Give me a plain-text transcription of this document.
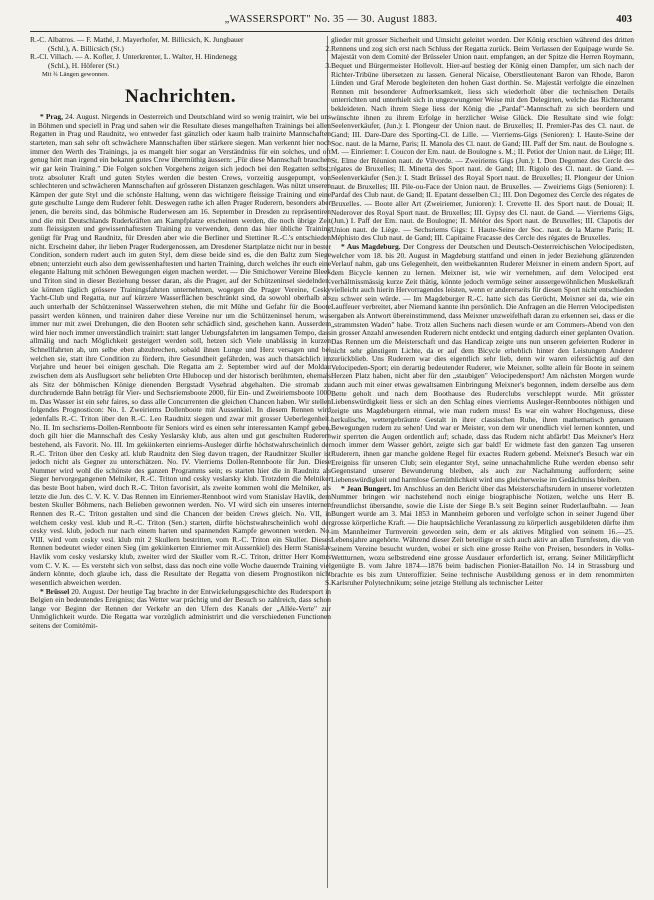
„WASSERSPORT" No. 35 — 30. August 1883.	403
R.-C. Albatros. — F. Mathé, J. Mayerhofer, M. Billicsich, K. Jungbauer
(Schl.), A. Billicsich (St.)	2.
R.-Cl. Villach. — A. Kofler, J. Unterkrenter, L. Walter, H. Hindenegg
(Schl.), H. Höferer (St.)	3.
Mit ¾ Längen gewonnen.
Nachrichten.

* Prag, 24. August. Nirgends in Oesterreich und Deutschland wird so wenig trainirt, wie bei uns in Böhmen und speciell in Prag und sahen wir die Resultate dieses mangelhaften Trainings bei allen Regatten in Prag und Raudnitz, wo entweder fast gänzlich oder kaum halb trainirte Mannschaften starteten, man sah sehr oft schwächere Mannschaften über stärkere siegen. Man verkennt hier noch immer den Werth des Trainings, ja es mangelt hier sogar an Verständniss für ein solches, und oft genug hört man irgend ein bekannt gutes Crew übermüthig äussern: „Für diese Mannschaft brauchen wir gar kein Training." Die Folgen solchen Vorgehens zeigen sich jedoch bei den Regatten selbst; trotz absoluter Kraft und guten Styles werden die besten Crews, vorzeitig ausgepumpt, von schlechteren und schwächeren Mannschaften auf grösseren Distanzen geschlagen. Was nützt unseren Kämpen der gute Styl und die schönste Haltung, wenn das wichtigere fleissige Training und eine gute geschulte Lunge dem Ruderer fehlt. Deswegen rathe ich allen Prager Ruderern, besonders aber jenen, die bereits sind, das böhmische Ruderwesen am 16. September in Dresden zu repräsentiren und die mit Deutschlands Ruderkräften am Kampfplatze erscheinen werden, die noch übrige Zeit zum fleissigsten und gewissenhaftesten Training zu verwenden, denn das hier übliche Training genügt für Prag und Raudnitz, für Dresden aber wie die Berliner und Stettiner R.-C.'s entschieden nicht. Erscheint daher, ihr lieben Prager Rudergenossen, am Dresdener Startplatze nicht nur in bester Condition, sondern rudert auch im guten Styl, dem diese beide sind es, die den Baltz zum Siege ebnen; unterzieht euch also dem gewissenhaftesten und harten Training, durch welches ihr euch eine elegante Haltung mit schönen Bewegungen eigen machen werdet. — Die Smichower Vereine Bleek und Triton sind in dieser Beziehung besser daran, als die Prager, auf der Schützeninsel siedelnden; sie können täglich grössere Trainingsfahrten unternehmen, wogegen die Prager Vereine, Cesky Yacht-Club und Regatta, nur auf kürzere Wasserflächen beschränkt sind, da sowohl oberhalb als auch unterhalb der Schützeninsel Wasserwehren stehen, die mit Mühe und Gefahr für die Boote passirt werden können, und trainiren daher diese Vereine nur um die Schützeninsel herum, was immer nur mit zwei Drehungen, die den Booten sehr schädlich sind, geschehen kann. Ausserdem wird hier noch immer unverständlich trainirt: statt langer Uebungsfahrten im langsamen Tempo, dass allmälig und nach Möglichkeit gesteigert werden soll, hetzen sich Viele unablässig in kurzen Schnellfahrten ab, um selbe eben abzubrechen, sobald ihnen Lunge und Herz versagen und bei welchen sie, statt ihre Condition zu fördern, ihre Gesundheit gefährden, was auch thatsächlich im Vorjahre und heuer bei einigen geschah. Die Regatta am 2. September wird auf der Moldau zwischen dem als Ausflugsort sehr beliebten Orte Hlubocep und der historisch berühmten, ehemals als Sitz der böhmischen Könige dienenden Bergstadt Vysehrad abgehalten. Die stromab zu durchrudernde Bahn beträgt für Vier- und Sechsriemsboote 2000, für Ein- und Zweiriemsboote 1000 m. Das Wasser ist ein sehr faires, so dass alle Concurrenten die gleichen Chancen haben. Wir stellen folgendes Prognosticon: No. I. Zweiriems Dollenboote mit Aussenkiel. In diesem Rennen wird jedenfalls R.-C. Triton über den R.-C. Leo Raudnitz siegen und zwar mit grosser Ueberlegenheit. No. II. Im sechsriems-Dollen-Rennboote für Seniors wird es einen sehr interessanten Kampf geben, doch gilt hier die Mannschaft des Cesky Yeslarsky klub, aus alten und gut geschulten Ruderern bestehend, als Favorit. No. III. Im gekiinkerten einriems-Ausleger dürfte höchstwahrscheinlich der R.-C. Triton über den Cesky atl. klub Raudnitz den Sieg davon tragen, der Raudnitzer Skuller ist jedoch nicht als Gegner zu unterschätzen. No. IV. Vierriems Dollen-Rennboote für Jun. Diese Nummer wird wohl die schönste des ganzen Programms sein; es starten hier die in Raudnitz als Sieger hervorgegangenen Melniker, R.-C. Triton und cesky veslarsky klub. Trotzdem die Melniker das beste Boot haben, wird doch R.-C. Triton favorisirt, als zweite kommen wohl die Melniker, als letzte die Jun. des C. V. K. V. Das Rennen im Einriemer-Rennboot wird vom Stanislav Havlik, dem besten Skuller Böhmens, nach Belieben gewonnen werden. No. VI wird sich ein unseres internen Rennen des R.-C. Triton gestalten und sind die Chancen der beiden Crews gleich. No. VII, in welchem cesky vesl. klub und R.-C. Triton (Sen.) starten, dürfte höchstwahrscheinlich wohl der cesky vesl. klub, jedoch nur nach einem harten und spannenden Kampfe gewonnen werden. No. VIII. wird vom cesky vesl. klub mit 2 Skullern bestritten, vom R.-C. Triton ein Skuller. Dieses Rennen bedeutet wieder einen Sieg (im gekiinkerten Einriemer mit Aussenkiel) des Herrn Stanislav Havlik vom cesky veslarsky klub, zweiter wird der Skuller vom R.-C. Triton, dritter Herr Komrs vom C. V. K. — Es versteht sich von selbst, dass das noch eine volle Woche dauernde Training viel ändern könnte, doch glaube ich, dass die Resultate der Regatta von diesem Prognostikon nicht wesentlich abweichen werden.	S.

* Brüssel 20. August. Der heutige Tag brachte in der Entwickelungsgeschichte des Rudersport in Belgien ein bedeutendes Ereigniss; das Wetter war prächtig und der Besuch so zahlreich, dass schon lange vor Beginn der Rennen der Verkehr an den Ufern des Kanals der „Allée-Verte" zur Unmöglichkeit wurde. Die Regatta war vorzüglich administrirt und die verschiedenen Functionen seitens der Comitémit-

glieder mit grosser Sicherheit und Umsicht geleitet worden. Der König erschien während des dritten Rennens und zog sich erst nach Schluss der Regatta zurück. Beim Verlassen der Equipage wurde Se. Majestät von dem Comité der Brüsseler Union naut. empfangen, an der Spitze die Herren Roymann, Bequet und Bürgermeister Hollevolt. Hier-auf bestieg der König einen Dampfer, um sich nach der Richter-Tribüne übersetzen zu lassen. General Nicaise, Oberstlieutenant Baron van Rhode, Baron Lünden und Graf Merode begleiteten den hohen Gast dorthin. Se. Majestät verfolgte die einzelnen Rennen mit besonderer Aufmerksamkeit, liess sich wiederholt über die technischen Details unterrichten und unterhielt sich in ungezwungener Weise mit den Delegirten, welche das Richteramt bekleideten. Nach ihrem Siege liess der König die „Pardaf"-Mannschaft zu sich beordern und wünschte ihnen zu ihrem Erfolge in herzlicher Weise Glück. Die Resultate sind wie folgt: Seelenverkäufer, (Jun.): I. Plongeur der Union naut. de Bruxelles; II. Premier-Pas des Cl. naut. de Gand; III. Dare-Dare des Sporting-Cl. de Lille. — Vierriems-Gigs (Senioren): I. Haute-Seine der Soc. naut. de la Marne, Paris; II. Manola des Cl. naut. de Gand; III. Paff der Sm. naut. de Boulogne s. M. — Einriemer: I. Coucon der Em. naut. de Boulogne s. M.; II. Petiot der Union naut. de Liège; III. St. Elme der Réunion naut. de Vilvorde. — Zweiriems Gigs (Jun.): I. Don Degomez des Cercle des régates de Bruxelles; II. Minetta des Sport naut. de Gand; III. Rigolo des Cl. naut. de Gand. — Seelenverkäufer (Sen.): I. Stadt Brüssel des Royal Sport naut. de Bruxelles; II. Plongeur der Union naut. de Bruxelles; III. Pile-ou-Face der Union naut. de Bruxelles. — Zweiriems Gigs (Senioren): I. Pardaf des Club naut. de Gand; II. Epatant desselben Cl.; III. Don Degomez des Cercle des régates de Bruxelles. — Boote aller Art (Zweiriemer, Junioren): I. Crevette II. des Sport naut. de Douai; II. Nederover des Royal Sport naut. de Bruxelles; III. Gypsy des Cl. naut. de Gand. — Vierriems Gigs, (Jun.) I. Paff der Em. naut. de Boulogne; II. Météor des Sport naut. de Bruxelles; III. Clapotis der Union naut. de Liège. — Sechsriems Gigs: I. Haute-Seine der Soc. naut. de la Marne Paris; II. Méphisto des Club naut. de Gand; III. Capitaine Fracasse des Cercle des régates de Bruxelles.

* Aus Magdeburg. Der Congress der Deutschen und Deutsch-Oesterreichischen Velocipedisten, welcher vom 18. bis 20. August in Magdeburg stattfand und einen in jeder Beziehung glänzenden Verlauf nahm, gab uns Gelegenheit, den weitbekannten Ruderer Meixner in einem andern Sport, auf dem Bicycle kennen zu lernen. Meixner ist, wie wir vernehmen, auf dem Velociped erst verhältnissmässig kurze Zeit thätig, könnte jedoch vermöge seiner aussergewöhnlichen Muskelkraft vielleicht auch hierin Hervorragendes leisten, wenn er andererseits für diesen Sport nicht entschieden zu schwer sein würde. — Im Magdeburger R.-C. hatte sich das Gerücht, Meixner sei da, wie ein Lauffeuer verbreitet, aber Niemand kannte ihn persönlich. Die Anfragen an die Herren Velocipedisten ergaben als Antwort übereinstimmend, dass Meixner unzweifelhaft daran zu erkennen sei, dass er die „strammsten Waden" habe. Trotz allen Suchens nach diesen wurde er am Commers-Abend von den in grosser Anzahl anwesenden Ruderern nicht entdeckt und entging dadurch einer geplanten Ovation. Das Rennen um die Meisterschaft und das Handicap zeigte uns nun unseren gefeierten Ruderer in nicht sehr günstigem Lichte, da er auf dem Bicycle erheblich hinter den Leistungen Anderer zurückblieb. Uns Ruderern war dies eigentlich sehr lieb, denn wir waren eifersüchtig auf den Velocipeden-Sport; ein derartig bedeutender Ruderer, wie Meixner, sollte allein für Boote in seinem Herzen Platz haben, nicht aber für den „staubigen" Velocipedensport! Am nächsten Morgen wurde dann auch mit einer etwas gewaltsamen Einbringung Meixner's begonnen, indem derselbe aus dem Bette geholt und nach dem Boothause des Ruderclubs verschleppt wurde. Mit grösster Liebenswürdigkeit liess er sich an den Schlag eines vierriems Ausleger-Rennbootes nöthigen und zeigte uns Magdeburgern einmal, wie man rudern muss! Es war ein wahrer Hochgenuss, diese herkulische, wettergebräunte Gestalt in ihrer classischen Ruhe, ihren mathematisch genauen Bewegungen rudern zu sehen! Und war er Meister, von dem wir unendlich viel lernen konnten, und wir sperrten die Augen ordentlich auf; schade, dass das Rudern nicht abfärbt! Das Meixner's Herz noch immer dem Wasser gehört, zeigte sich gar bald! Er widmete fast den ganzen Tag unseren Ruderern, ihnen gar manche goldene Regel für exactes Rudern gebend. Meixner's Besuch war ein Ereigniss für unseren Club; sein eleganter Styl, seine unnachahmliche Ruhe werden ebenso sehr Gegenstand unserer Bewunderung bleiben, als auch zur Nachahmung auffordern; seine Liebenswürdigkeit und harmlose Gemüthlichkeit wird uns gleicherweise im Gedächtniss bleiben.

* Jean Bungert. Im Anschluss an den Bericht über das Meisterschaftsrudern in unserer vorletzten Nummer bringen wir nachstehend noch einige biographische Notizen, welche uns Herr B. freundlichst übersandte, sowie die Liste der Siege B.'s seit Beginn seiner Ruderlaufbahn. — Jean Bungert wurde am 3. Mai 1853 in Mannheim geboren und verfolgte schon in seiner Jugend über grosse körperliche Kraft. — Die hauptsächliche Veranlassung zu körperlich ausgebildeten dürfte ihm im Mannheimer Turnverein geworden sein, dem er als aktives Mitglied von seinem 16.—25. Lebensjahre angehörte. Während dieser Zeit beteiligte er sich auch aktiv an allen Turnfesten, die von seinem Vereine besucht wurden, wobei er sich eine grosse Reihe von Preisen, besonders in Volks-Wettturnen, wozu selbstredend eine grosse Ausdauer erforderlich ist, errang. Seiner Militärpflicht genügte B. vom Jahre 1874—1876 beim badischen Pionier-Bataillon No. 14 in Strassburg und brachte es bis zum Unteroffizier. Seine technische Ausbildung genoss er in dem renommirten Karlsruher Polytechnikum; seine jetzige Stellung als technischer Leiter
